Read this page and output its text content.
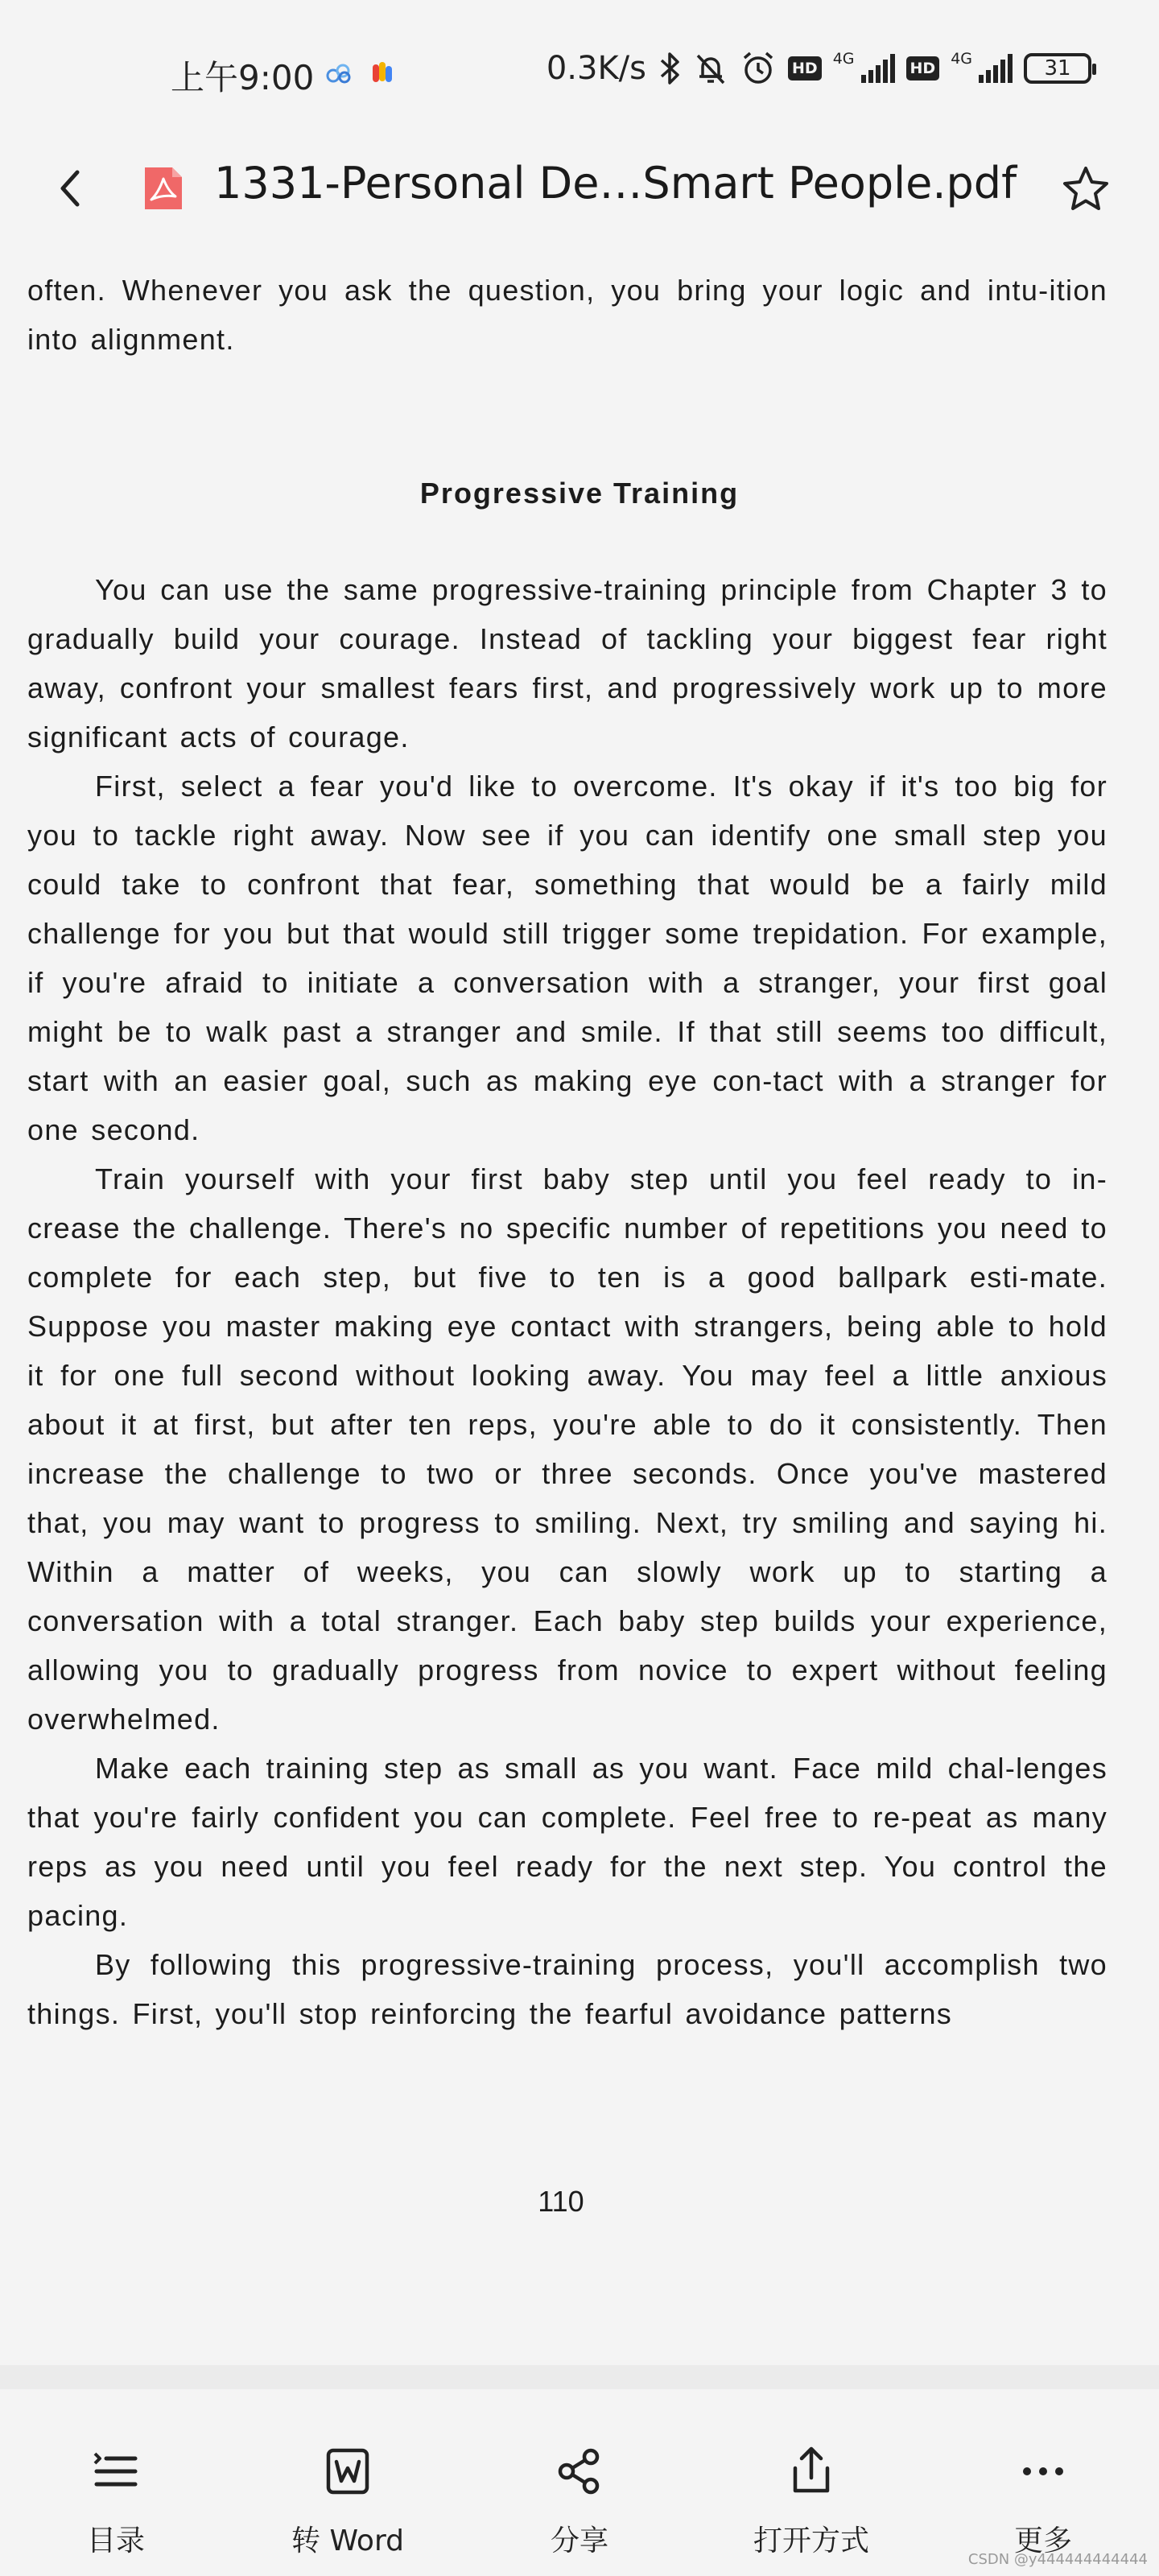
上午9:00	0.3K/s	HD
4G
HD
4G	31
1331-Personal De…Smart People.pdf

often. Whenever you ask the question, you bring your logic and intu-ition into alignment.

Progressive Training

You can use the same progressive-training principle from Chapter 3 to gradually build your courage. Instead of tackling your biggest fear right away, confront your smallest fears first, and progressively work up to more significant acts of courage.

First, select a fear you'd like to overcome. It's okay if it's too big for you to tackle right away. Now see if you can identify one small step you could take to confront that fear, something that would be a fairly mild challenge for you but that would still trigger some trepidation. For example, if you're afraid to initiate a conversation with a stranger, your first goal might be to walk past a stranger and smile. If that still seems too difficult, start with an easier goal, such as making eye con-tact with a stranger for one second.

Train yourself with your first baby step until you feel ready to in-crease the challenge. There's no specific number of repetitions you need to complete for each step, but five to ten is a good ballpark esti-mate. Suppose you master making eye contact with strangers, being able to hold it for one full second without looking away. You may feel a little anxious about it at first, but after ten reps, you're able to do it consistently. Then increase the challenge to two or three seconds. Once you've mastered that, you may want to progress to smiling. Next, try smiling and saying hi. Within a matter of weeks, you can slowly work up to starting a conversation with a total stranger. Each baby step builds your experience, allowing you to gradually progress from novice to expert without feeling overwhelmed.

Make each training step as small as you want. Face mild chal-lenges that you're fairly confident you can complete. Feel free to re-peat as many reps as you need until you feel ready for the next step. You control the pacing.

By following this progressive-training process, you'll accomplish two things. First, you'll stop reinforcing the fearful avoidance patterns

110
目录	转 Word	分享	打开方式	更多
CSDN @y444444444444
